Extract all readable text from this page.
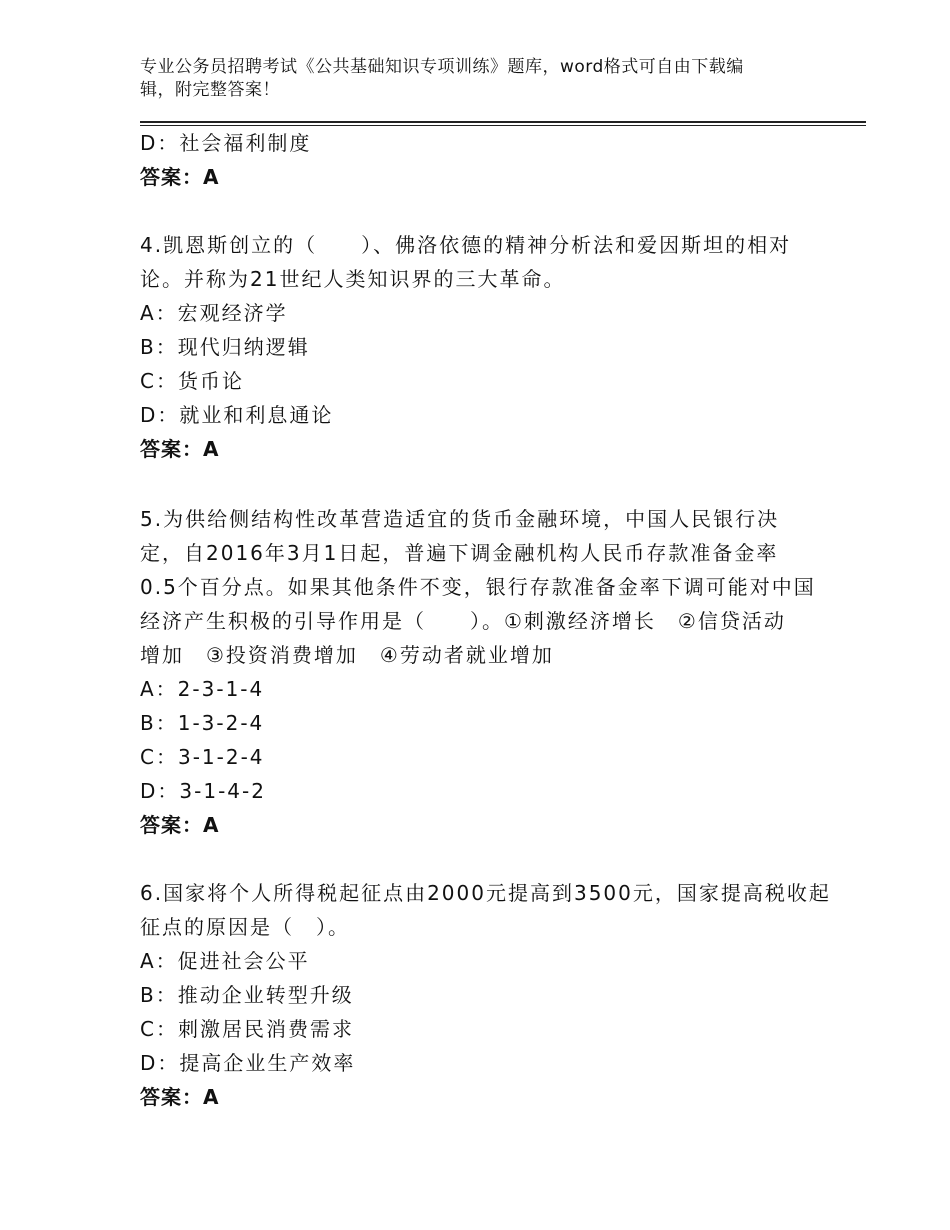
专业公务员招聘考试《公共基础知识专项训练》题库，word格式可自由下载编
辑，附完整答案！
D：社会福利制度
答案：A
4.凯恩斯创立的（　　）、佛洛依德的精神分析法和爱因斯坦的相对
论。并称为21世纪人类知识界的三大革命。
A：宏观经济学
B：现代归纳逻辑
C：货币论
D：就业和利息通论
答案：A
5.为供给侧结构性改革营造适宜的货币金融环境，中国人民银行决
定，自2016年3月1日起，普遍下调金融机构人民币存款准备金率
0.5个百分点。如果其他条件不变，银行存款准备金率下调可能对中国
经济产生积极的引导作用是（　　）。①刺激经济增长　②信贷活动
增加　③投资消费增加　④劳动者就业增加
A：2-3-1-4
B：1-3-2-4
C：3-1-2-4
D：3-1-4-2
答案：A
6.国家将个人所得税起征点由2000元提高到3500元，国家提高税收起
征点的原因是（　）。
A：促进社会公平
B：推动企业转型升级
C：刺激居民消费需求
D：提高企业生产效率
答案：A
